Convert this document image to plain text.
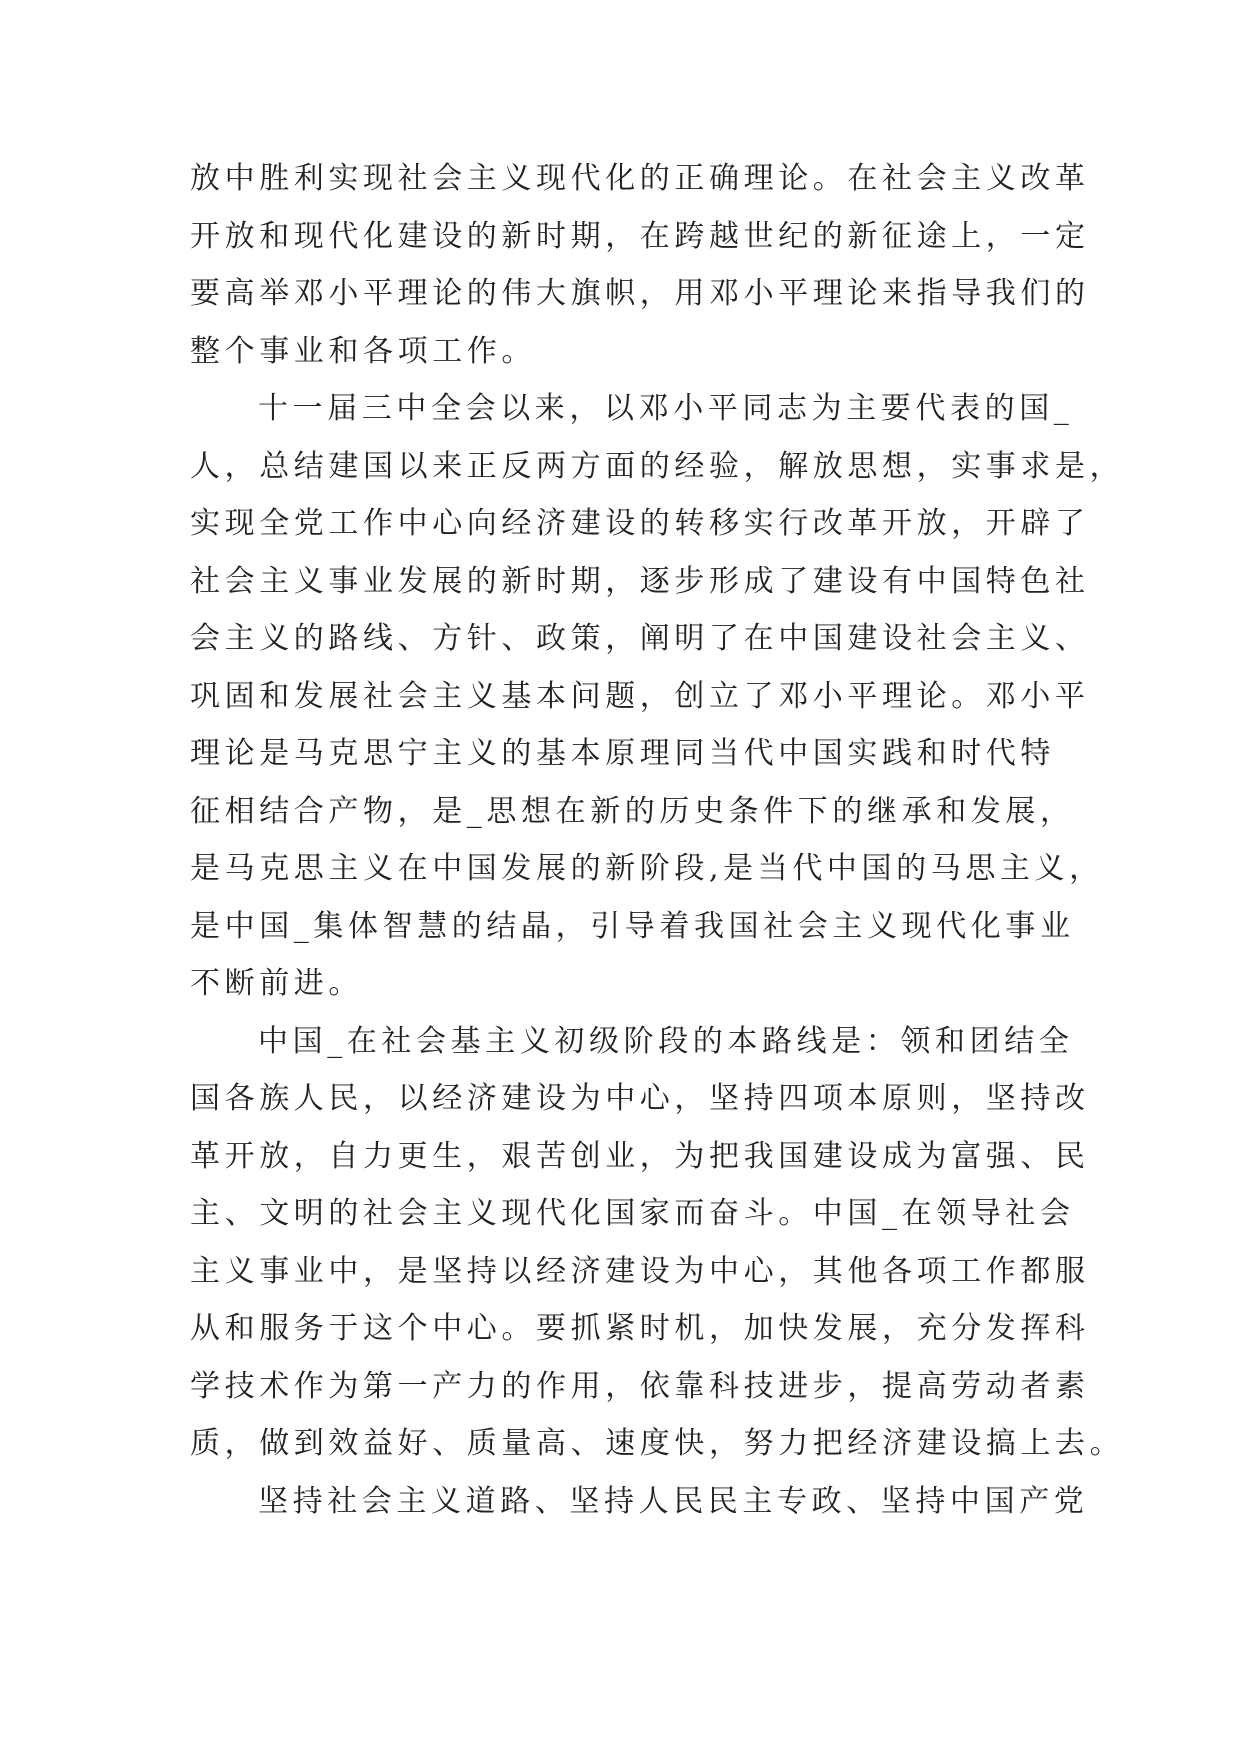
放中胜利实现社会主义现代化的正确理论。在社会主义改革
开放和现代化建设的新时期，在跨越世纪的新征途上，一定
要高举邓小平理论的伟大旗帜，用邓小平理论来指导我们的
整个事业和各项工作。
十一届三中全会以来，以邓小平同志为主要代表的国_
人，总结建国以来正反两方面的经验，解放思想，实事求是，
实现全党工作中心向经济建设的转移实行改革开放，开辟了
社会主义事业发展的新时期，逐步形成了建设有中国特色社
会主义的路线、方针、政策，阐明了在中国建设社会主义、
巩固和发展社会主义基本问题，创立了邓小平理论。邓小平
理论是马克思宁主义的基本原理同当代中国实践和时代特
征相结合产物，是_思想在新的历史条件下的继承和发展，
是马克思主义在中国发展的新阶段,是当代中国的马思主义，
是中国_集体智慧的结晶，引导着我国社会主义现代化事业
不断前进。
中国_在社会基主义初级阶段的本路线是：领和团结全
国各族人民，以经济建设为中心，坚持四项本原则，坚持改
革开放，自力更生，艰苦创业，为把我国建设成为富强、民
主、文明的社会主义现代化国家而奋斗。中国_在领导社会
主义事业中，是坚持以经济建设为中心，其他各项工作都服
从和服务于这个中心。要抓紧时机，加快发展，充分发挥科
学技术作为第一产力的作用，依靠科技进步，提高劳动者素
质，做到效益好、质量高、速度快，努力把经济建设搞上去。
坚持社会主义道路、坚持人民民主专政、坚持中国产党
